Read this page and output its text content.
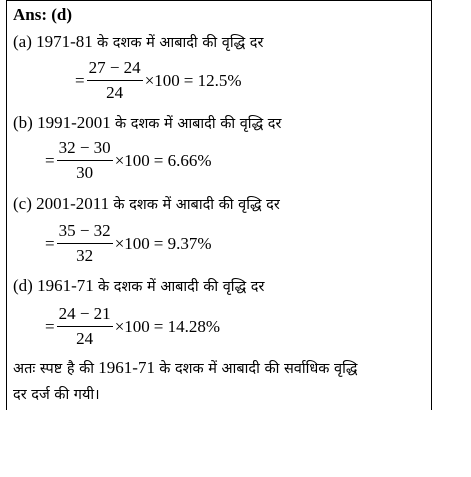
Ans: (d)
(a) 1971-81 के दशक में आबादी की वृद्धि दर
= $\frac{27 - 24}{24} \times 100 = 12.5\%$
(b) 1991-2001 के दशक में आबादी की वृद्धि दर
= $\frac{32 - 30}{30} \times 100 = 6.66\%$
(c) 2001-2011 के दशक में आबादी की वृद्धि दर
= $\frac{35 - 32}{32} \times 100 = 9.37\%$
(d) 1961-71 के दशक में आबादी की वृद्धि दर
= $\frac{24 - 21}{24} \times 100 = 14.28\%$
अतः स्पष्ट है की 1961-71 के दशक में आबादी की सर्वाधिक वृद्धि
दर दर्ज की गयी।
